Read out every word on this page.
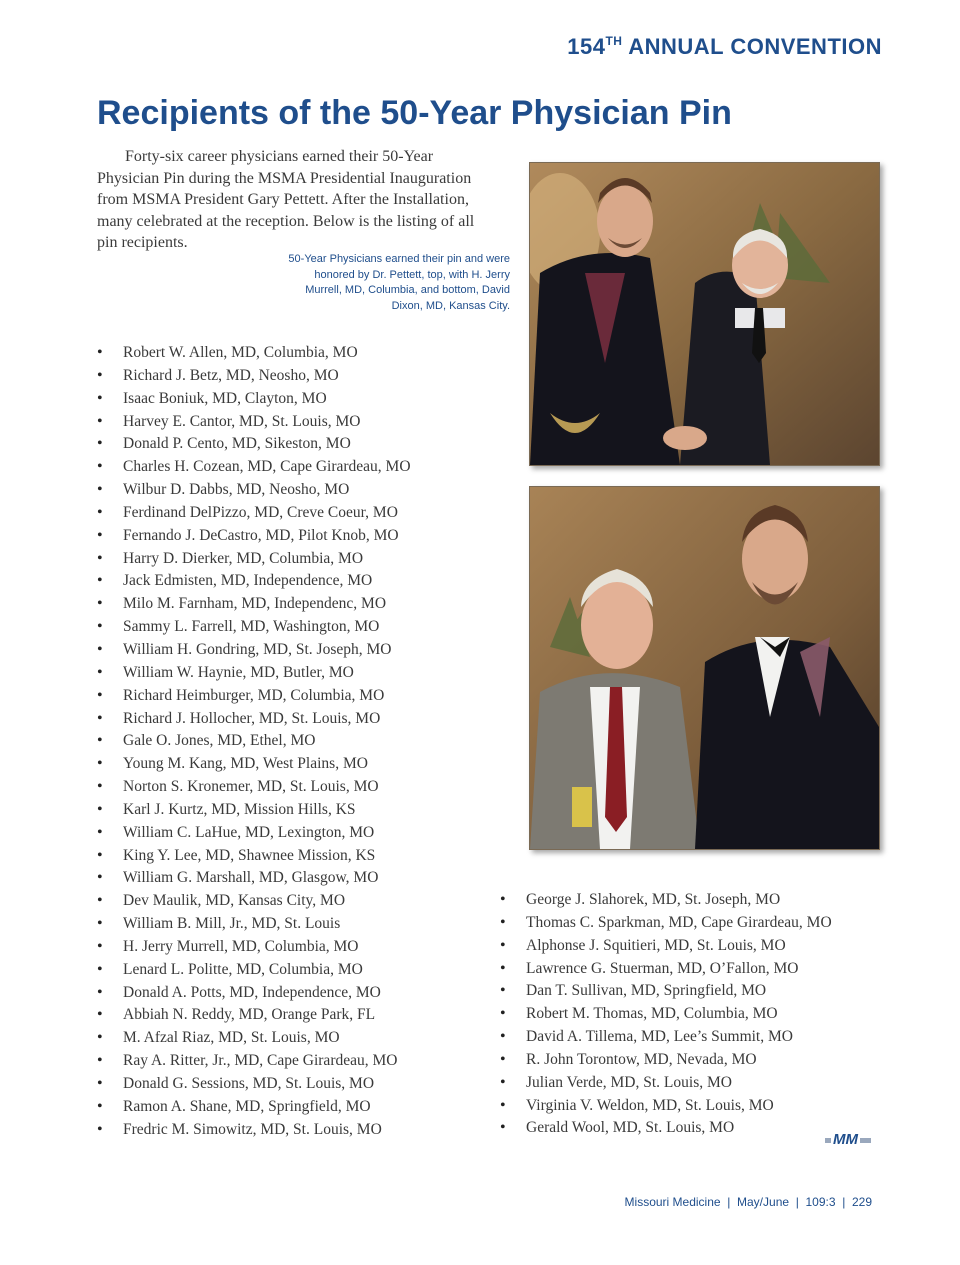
154TH ANNUAL CONVENTION
Recipients of the 50-Year Physician Pin

Forty-six career physicians earned their 50-Year Physician Pin during the MSMA Presidential Inauguration from MSMA President Gary Pettett. After the Installation, many celebrated at the reception. Below is the listing of all pin recipients.

50-Year Physicians earned their pin and were honored by Dr. Pettett, top, with H. Jerry Murrell, MD, Columbia, and bottom, David Dixon, MD, Kansas City.
• Robert W. Allen, MD, Columbia, MO
• Richard J. Betz, MD, Neosho, MO
• Isaac Boniuk, MD, Clayton, MO
• Harvey E. Cantor, MD, St. Louis, MO
• Donald P. Cento, MD, Sikeston, MO
• Charles H. Cozean, MD, Cape Girardeau, MO
• Wilbur D. Dabbs, MD, Neosho, MO
• Ferdinand DelPizzo, MD, Creve Coeur, MO
• Fernando J. DeCastro, MD, Pilot Knob, MO
• Harry D. Dierker, MD, Columbia, MO
• Jack Edmisten, MD, Independence, MO
• Milo M. Farnham, MD, Independenc, MO
• Sammy L. Farrell, MD, Washington, MO
• William H. Gondring, MD, St. Joseph, MO
• William W. Haynie, MD, Butler, MO
• Richard Heimburger, MD, Columbia, MO
• Richard J. Hollocher, MD, St. Louis, MO
• Gale O. Jones, MD, Ethel, MO
• Young M. Kang, MD, West Plains, MO
• Norton S. Kronemer, MD, St. Louis, MO
• Karl J. Kurtz, MD, Mission Hills, KS
• William C. LaHue, MD, Lexington, MO
• King Y. Lee, MD, Shawnee Mission, KS
• William G. Marshall, MD, Glasgow, MO
• Dev Maulik, MD, Kansas City, MO
• William B. Mill, Jr., MD, St. Louis
• H. Jerry Murrell, MD, Columbia, MO
• Lenard L. Politte, MD, Columbia, MO
• Donald A. Potts, MD, Independence, MO
• Abbiah N. Reddy, MD, Orange Park, FL
• M. Afzal Riaz, MD, St. Louis, MO
• Ray A. Ritter, Jr., MD, Cape Girardeau, MO
• Donald G. Sessions, MD, St. Louis, MO
• Ramon A. Shane, MD, Springfield, MO
• Fredric M. Simowitz, MD, St. Louis, MO
• George J. Slahorek, MD, St. Joseph, MO
• Thomas C. Sparkman, MD, Cape Girardeau, MO
• Alphonse J. Squitieri, MD, St. Louis, MO
• Lawrence G. Stuerman, MD, O’Fallon, MO
• Dan T. Sullivan, MD, Springfield, MO
• Robert M. Thomas, MD, Columbia, MO
• David A. Tillema, MD, Lee’s Summit, MO
• R. John Torontow, MD, Nevada, MO
• Julian Verde, MD, St. Louis, MO
• Virginia V. Weldon, MD, St. Louis, MO
• Gerald Wool, MD, St. Louis, MO
MM
Missouri Medicine  |  May/June  |  109:3  |  229
